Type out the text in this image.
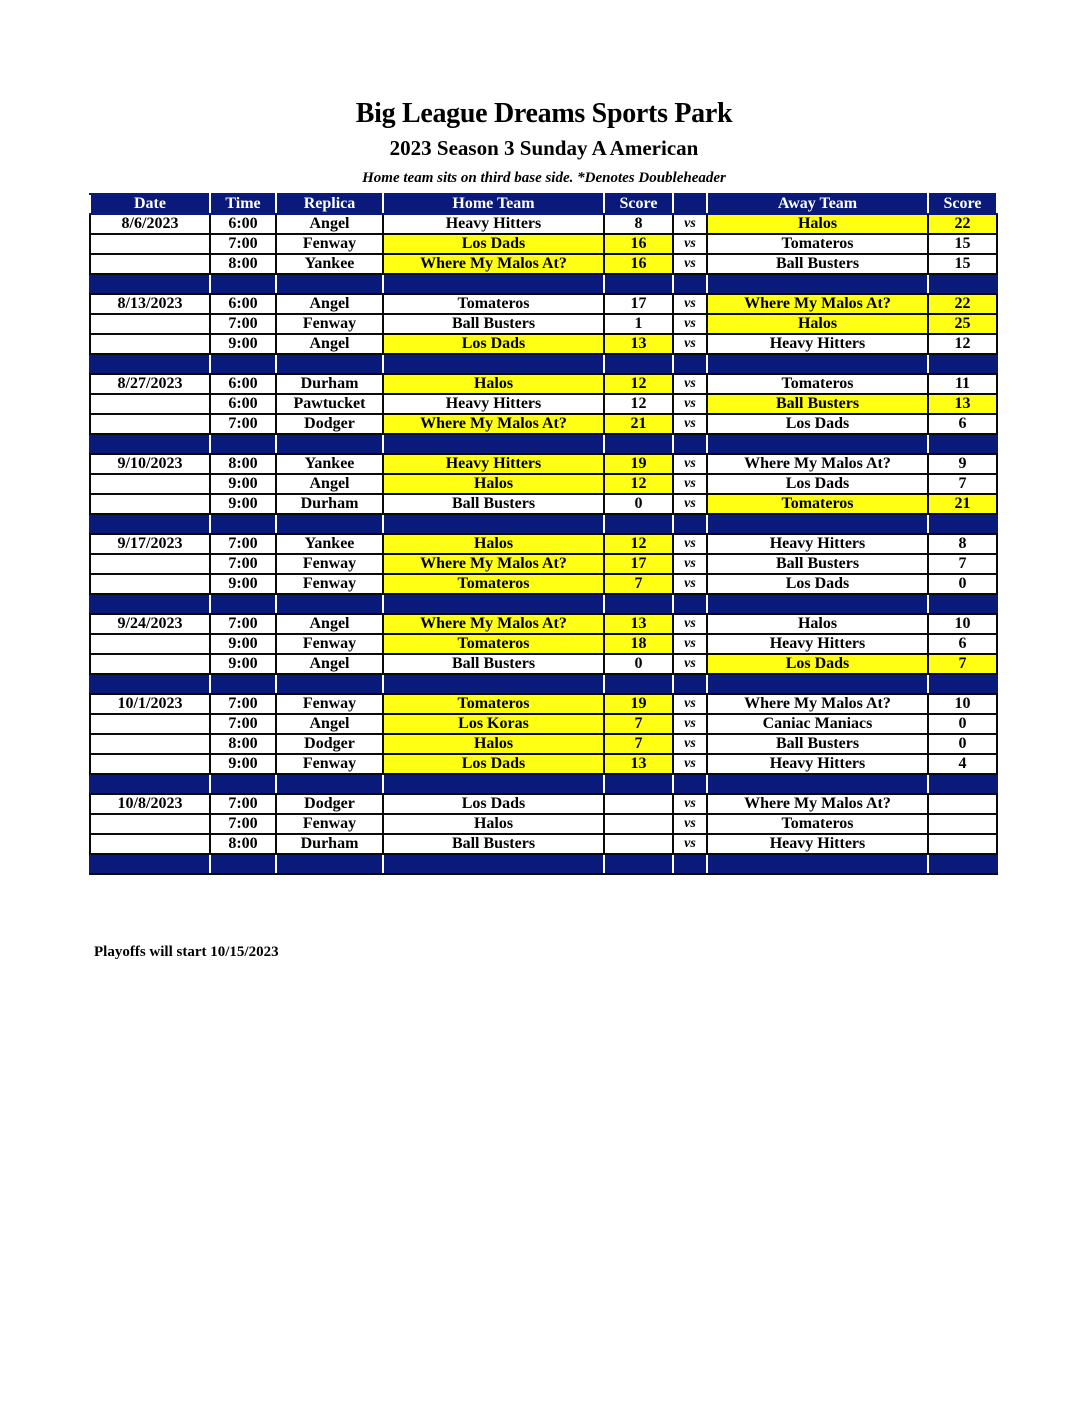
Big League Dreams Sports Park
2023 Season 3 Sunday A American
Home team sits on third base side. *Denotes Doubleheader
Date	Time	Replica	Home Team	Score		Away Team	Score
8/6/2023	6:00	Angel	Heavy Hitters	8	vs	Halos	22
	7:00	Fenway	Los Dads	16	vs	Tomateros	15
	8:00	Yankee	Where My Malos At?	16	vs	Ball Busters	15

8/13/2023	6:00	Angel	Tomateros	17	vs	Where My Malos At?	22
	7:00	Fenway	Ball Busters	1	vs	Halos	25
	9:00	Angel	Los Dads	13	vs	Heavy Hitters	12

8/27/2023	6:00	Durham	Halos	12	vs	Tomateros	11
	6:00	Pawtucket	Heavy Hitters	12	vs	Ball Busters	13
	7:00	Dodger	Where My Malos At?	21	vs	Los Dads	6

9/10/2023	8:00	Yankee	Heavy Hitters	19	vs	Where My Malos At?	9
	9:00	Angel	Halos	12	vs	Los Dads	7
	9:00	Durham	Ball Busters	0	vs	Tomateros	21

9/17/2023	7:00	Yankee	Halos	12	vs	Heavy Hitters	8
	7:00	Fenway	Where My Malos At?	17	vs	Ball Busters	7
	9:00	Fenway	Tomateros	7	vs	Los Dads	0

9/24/2023	7:00	Angel	Where My Malos At?	13	vs	Halos	10
	9:00	Fenway	Tomateros	18	vs	Heavy Hitters	6
	9:00	Angel	Ball Busters	0	vs	Los Dads	7

10/1/2023	7:00	Fenway	Tomateros	19	vs	Where My Malos At?	10
	7:00	Angel	Los Koras	7	vs	Caniac Maniacs	0
	8:00	Dodger	Halos	7	vs	Ball Busters	0
	9:00	Fenway	Los Dads	13	vs	Heavy Hitters	4

10/8/2023	7:00	Dodger	Los Dads		vs	Where My Malos At?	
	7:00	Fenway	Halos		vs	Tomateros	
	8:00	Durham	Ball Busters		vs	Heavy Hitters	

Playoffs will start 10/15/2023
